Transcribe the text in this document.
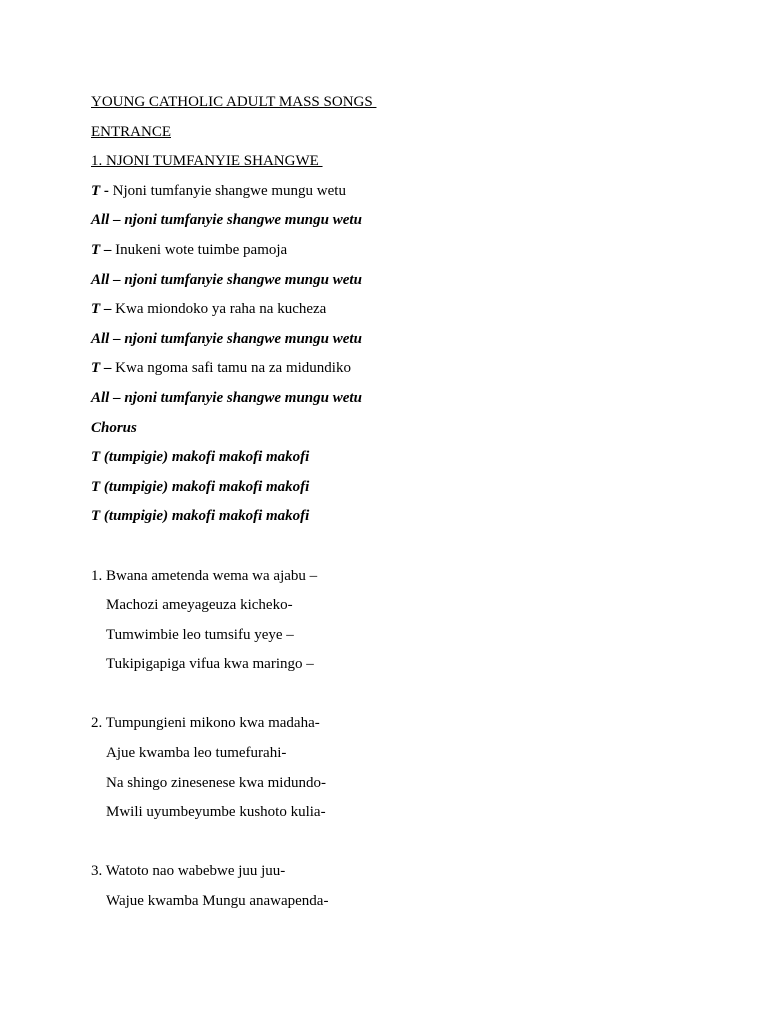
YOUNG CATHOLIC ADULT MASS SONGS
ENTRANCE
1. NJONI TUMFANYIE SHANGWE
T - Njoni tumfanyie shangwe mungu wetu
All – njoni tumfanyie shangwe mungu wetu
T – Inukeni wote tuimbe pamoja
All – njoni tumfanyie shangwe mungu wetu
T – Kwa miondoko ya raha na kucheza
All – njoni tumfanyie shangwe mungu wetu
T – Kwa ngoma safi tamu na za midundiko
All – njoni tumfanyie shangwe mungu wetu
Chorus
T (tumpigie) makofi makofi makofi
T (tumpigie) makofi makofi makofi
T (tumpigie) makofi makofi makofi
1. Bwana ametenda wema wa ajabu –
Machozi ameyageuza kicheko-
Tumwimbie leo tumsifu yeye –
Tukipigapiga vifua kwa maringo –
2. Tumpungieni mikono kwa madaha-
Ajue kwamba leo tumefurahi-
Na shingo zinesenese kwa midundo-
Mwili uyumbeyumbe kushoto kulia-
3. Watoto nao wabebwe juu juu-
Wajue kwamba Mungu anawapenda-
